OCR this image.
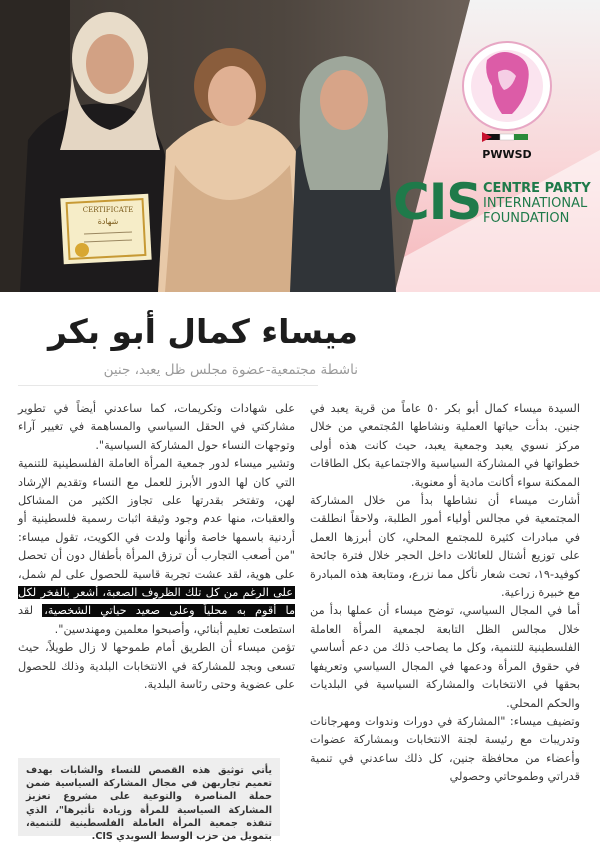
CERTIFICATE
شهادة
PWWSD
CIS CENTRE PARTY
INTERNATIONAL
FOUNDATION
ميساء كمال أبو بكر
ناشطة مجتمعية-عضوة مجلس ظل يعبد، جنين

السيدة ميساء كمال أبو بكر ٥٠ عاماً من قرية يعبد في جنين. بدأت حياتها العملية ونشاطها المُجتمعي من خلال مركز نسوي يعبد وجمعية يعبد، حيث كانت هذه أولى خطواتها في المشاركة السياسية والاجتماعية بكل الطاقات الممكنة سواء أكانت مادية أو معنوية.

أشارت ميساء أن نشاطها بدأ من خلال المشاركة المجتمعية في مجالس أولياء أمور الطلبة، ولاحقاً انطلقت في مبادرات كثيرة للمجتمع المحلي، كان أبرزها العمل على توزيع أشتال للعائلات داخل الحجر خلال فترة جائحة كوفيد-١٩، تحت شعار نأكل مما نزرع، ومتابعة هذه المبادرة مع خبيرة زراعية.

أما في المجال السياسي، توضح ميساء أن عملها بدأ من خلال مجالس الظل التابعة لجمعية المرأة العاملة الفلسطينية للتنمية، وكل ما يصاحب ذلك من دعم أساسي في حقوق المرأة ودعمها في المجال السياسي وتعريفها بحقها في الانتخابات والمشاركة السياسية في البلديات والحكم المحلي.

وتضيف ميساء: "المشاركة في دورات وندوات ومهرجانات وتدريبات مع رئيسة لجنة الانتخابات وبمشاركة عضوات وأعضاء من محافظة جنين، كل ذلك ساعدني في تنمية قدراتي وطموحاتي وحصولي

على شهادات وتكريمات، كما ساعدني أيضاً في تطوير مشاركتي في الحقل السياسي والمساهمة في تغيير آراء وتوجهات النساء حول المشاركة السياسية".

وتشير ميساء لدور جمعية المرأة العاملة الفلسطينية للتنمية التي كان لها الدور الأبرز للعمل مع النساء وتقديم الإرشاد لهن، وتفتخر بقدرتها على تجاوز الكثير من المشاكل والعقبات، منها عدم وجود وثيقة اثبات رسمية فلسطينية أو أردنية باسمها خاصة وأنها ولدت في الكويت، تقول ميساء: "من أصعب التجارب أن ترزق المرأة بأطفال دون أن تحصل على هوية، لقد عشت تجربة قاسية للحصول على لم شمل، على الرغم من كل تلك الظروف الصعبة، أشعر بالفخر لكل ما أقوم به محلياً وعلى صعيد حياتي الشخصية، لقد استطعت تعليم أبنائي، وأصبحوا معلمين ومهندسين".

تؤمن ميساء أن الطريق أمام طموحها لا زال طويلاً، حيث تسعى وبجد للمشاركة في الانتخابات البلدية وذلك للحصول على عضوية وحتى رئاسة البلدية.

يأتي توثيق هذه القصص للنساء والشابات بهدف تعميم تجاربهن في مجال المشاركة السياسية ضمن حملة المناصرة والتوعية على مشروع تعزيز المشاركة السياسية للمرأة وزيادة تأثيرها"، الذي تنفذه جمعية المرأة العاملة الفلسطينية للتنمية، بتمويل من حزب الوسط السويدي CIS.
